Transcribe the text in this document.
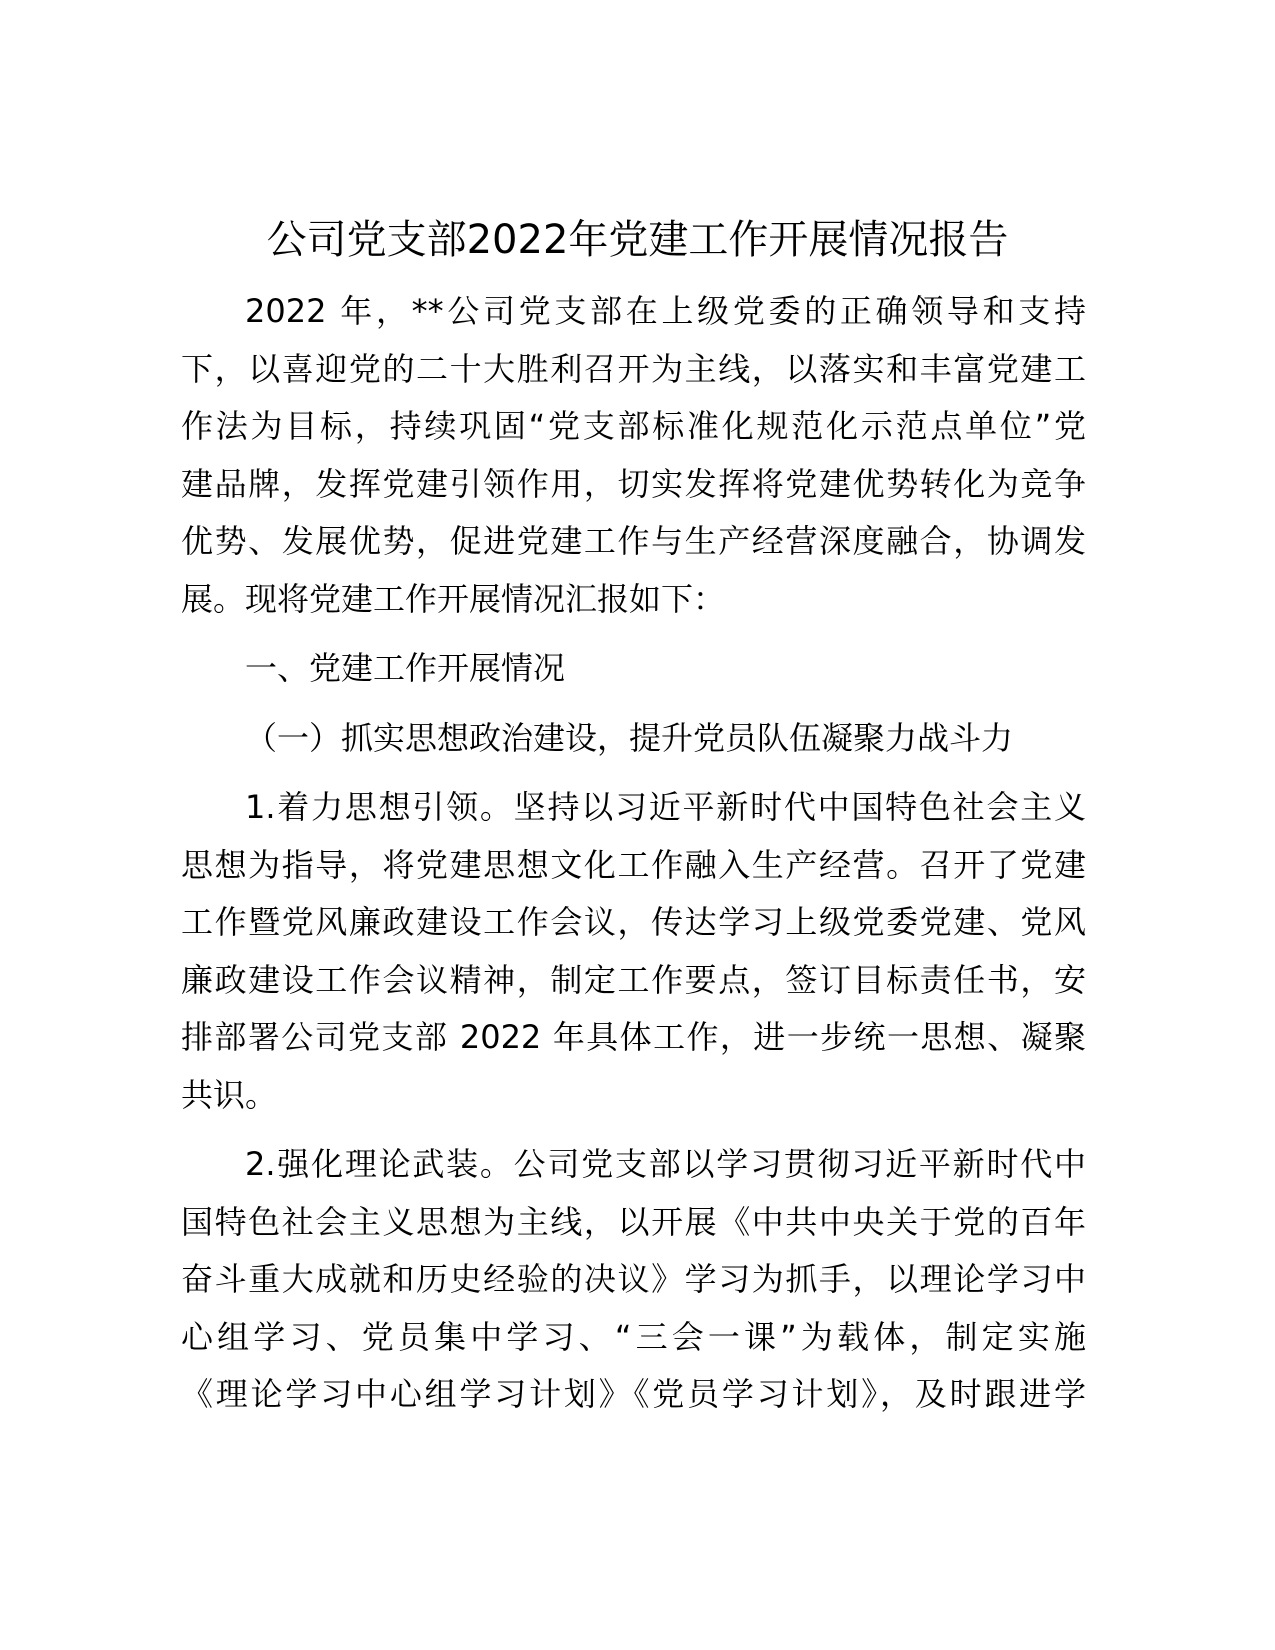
公司党支部2022年党建工作开展情况报告
2022 年，**公司党支部在上级党委的正确领导和支持
下，以喜迎党的二十大胜利召开为主线，以落实和丰富党建工
作法为目标，持续巩固“党支部标准化规范化示范点单位”党
建品牌，发挥党建引领作用，切实发挥将党建优势转化为竞争
优势、发展优势，促进党建工作与生产经营深度融合，协调发
展。现将党建工作开展情况汇报如下：
一、党建工作开展情况
（一）抓实思想政治建设，提升党员队伍凝聚力战斗力
1.着力思想引领。坚持以习近平新时代中国特色社会主义
思想为指导，将党建思想文化工作融入生产经营。召开了党建
工作暨党风廉政建设工作会议，传达学习上级党委党建、党风
廉政建设工作会议精神，制定工作要点，签订目标责任书，安
排部署公司党支部 2022 年具体工作，进一步统一思想、凝聚
共识。
2.强化理论武装。公司党支部以学习贯彻习近平新时代中
国特色社会主义思想为主线，以开展《中共中央关于党的百年
奋斗重大成就和历史经验的决议》学习为抓手，以理论学习中
心组学习、党员集中学习、“三会一课”为载体，制定实施
《理论学习中心组学习计划》《党员学习计划》，及时跟进学
